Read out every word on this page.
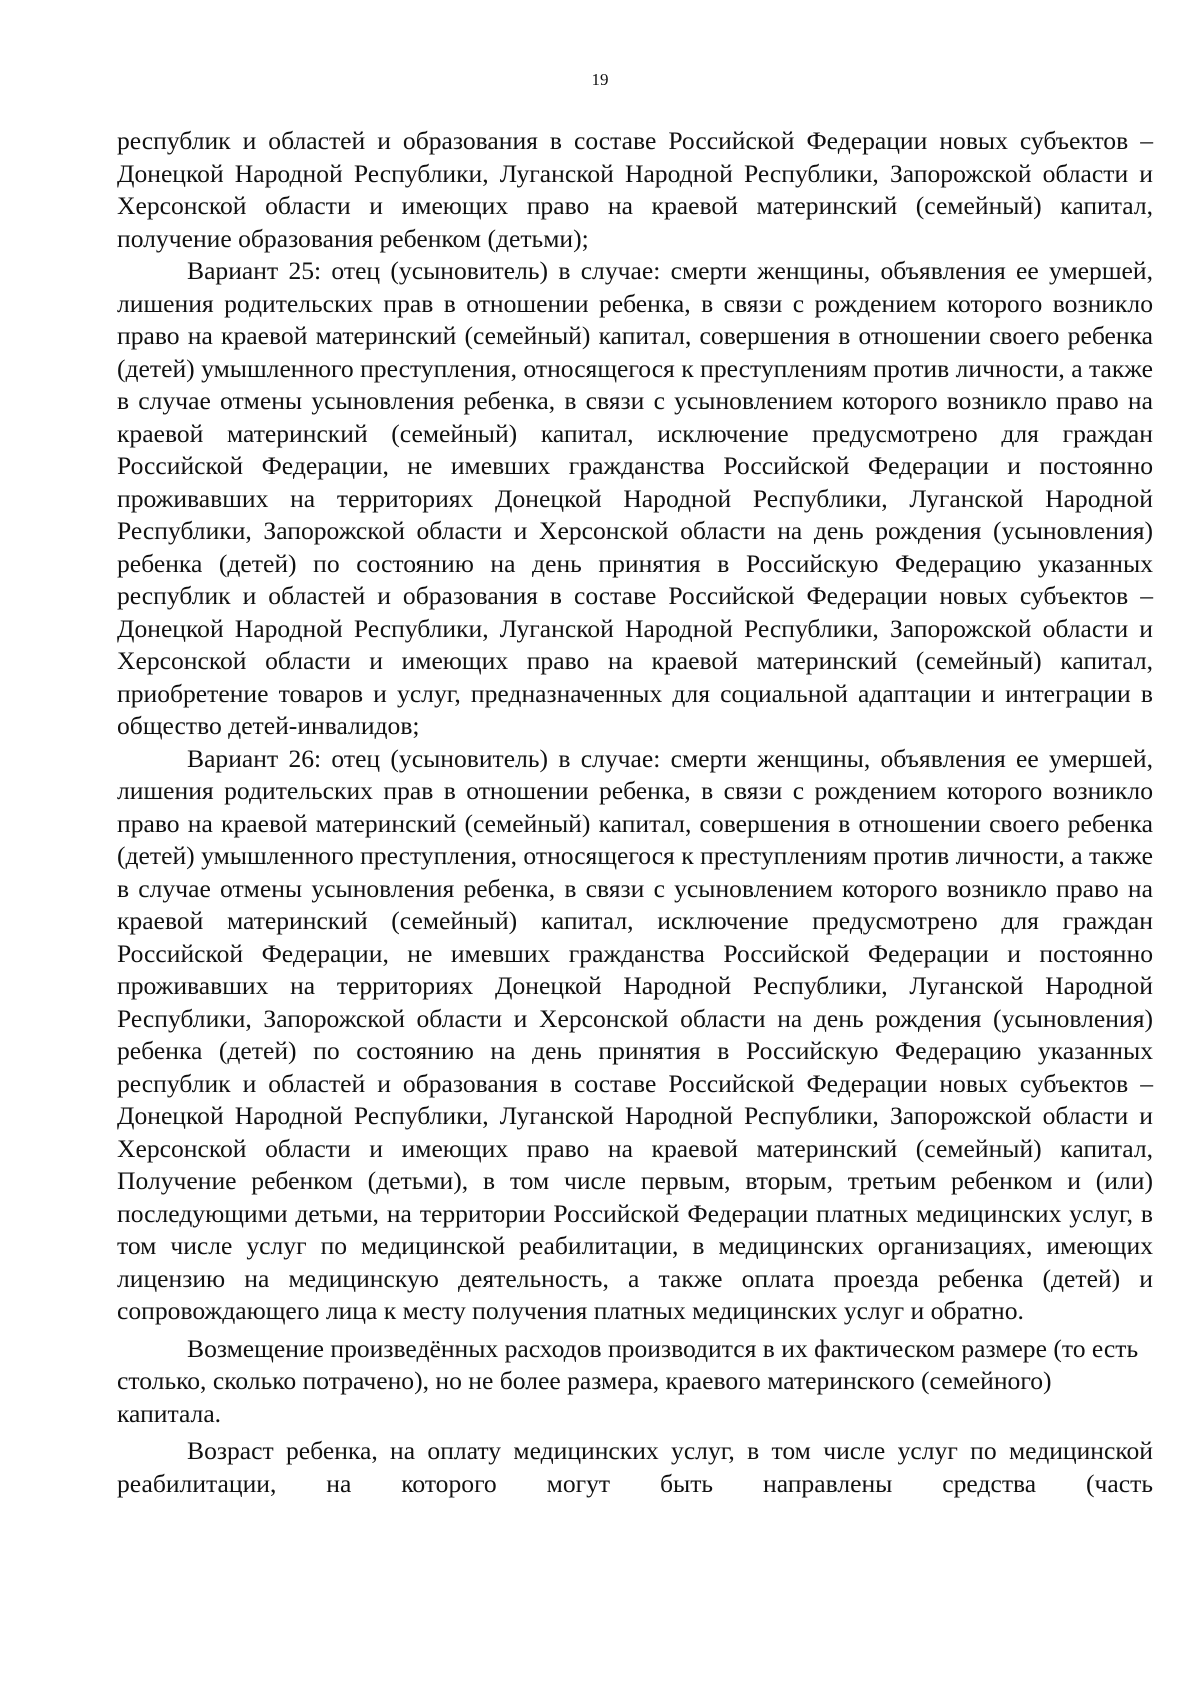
19

республик и областей и образования в составе Российской Федерации новых субъектов – Донецкой Народной Республики, Луганской Народной Республики, Запорожской области и Херсонской области и имеющих право на краевой материнский (семейный) капитал, получение образования ребенком (детьми);

Вариант 25: отец (усыновитель) в случае: смерти женщины, объявления ее умершей, лишения родительских прав в отношении ребенка, в связи с рождением которого возникло право на краевой материнский (семейный) капитал, совершения в отношении своего ребенка (детей) умышленного преступления, относящегося к преступлениям против личности, а также в случае отмены усыновления ребенка, в связи с усыновлением которого возникло право на краевой материнский (семейный) капитал, исключение предусмотрено для граждан Российской Федерации, не имевших гражданства Российской Федерации и постоянно проживавших на территориях Донецкой Народной Республики, Луганской Народной Республики, Запорожской области и Херсонской области на день рождения (усыновления) ребенка (детей) по состоянию на день принятия в Российскую Федерацию указанных республик и областей и образования в составе Российской Федерации новых субъектов – Донецкой Народной Республики, Луганской Народной Республики, Запорожской области и Херсонской области и имеющих право на краевой материнский (семейный) капитал, приобретение товаров и услуг, предназначенных для социальной адаптации и интеграции в общество детей-инвалидов;

Вариант 26: отец (усыновитель) в случае: смерти женщины, объявления ее умершей, лишения родительских прав в отношении ребенка, в связи с рождением которого возникло право на краевой материнский (семейный) капитал, совершения в отношении своего ребенка (детей) умышленного преступления, относящегося к преступлениям против личности, а также в случае отмены усыновления ребенка, в связи с усыновлением которого возникло право на краевой материнский (семейный) капитал, исключение предусмотрено для граждан Российской Федерации, не имевших гражданства Российской Федерации и постоянно проживавших на территориях Донецкой Народной Республики, Луганской Народной Республики, Запорожской области и Херсонской области на день рождения (усыновления) ребенка (детей) по состоянию на день принятия в Российскую Федерацию указанных республик и областей и образования в составе Российской Федерации новых субъектов – Донецкой Народной Республики, Луганской Народной Республики, Запорожской области и Херсонской области и имеющих право на краевой материнский (семейный) капитал, Получение ребенком (детьми), в том числе первым, вторым, третьим ребенком и (или) последующими детьми, на территории Российской Федерации платных медицинских услуг, в том числе услуг по медицинской реабилитации, в медицинских организациях, имеющих лицензию на медицинскую деятельность, а также оплата проезда ребенка (детей) и сопровождающего лица к месту получения платных медицинских услуг и обратно.

Возмещение произведённых расходов производится в их фактическом размере (то есть столько, сколько потрачено), но не более размера, краевого материнского (семейного) капитала.

Возраст ребенка, на оплату медицинских услуг, в том числе услуг по медицинской реабилитации, на которого могут быть направлены средства (часть
